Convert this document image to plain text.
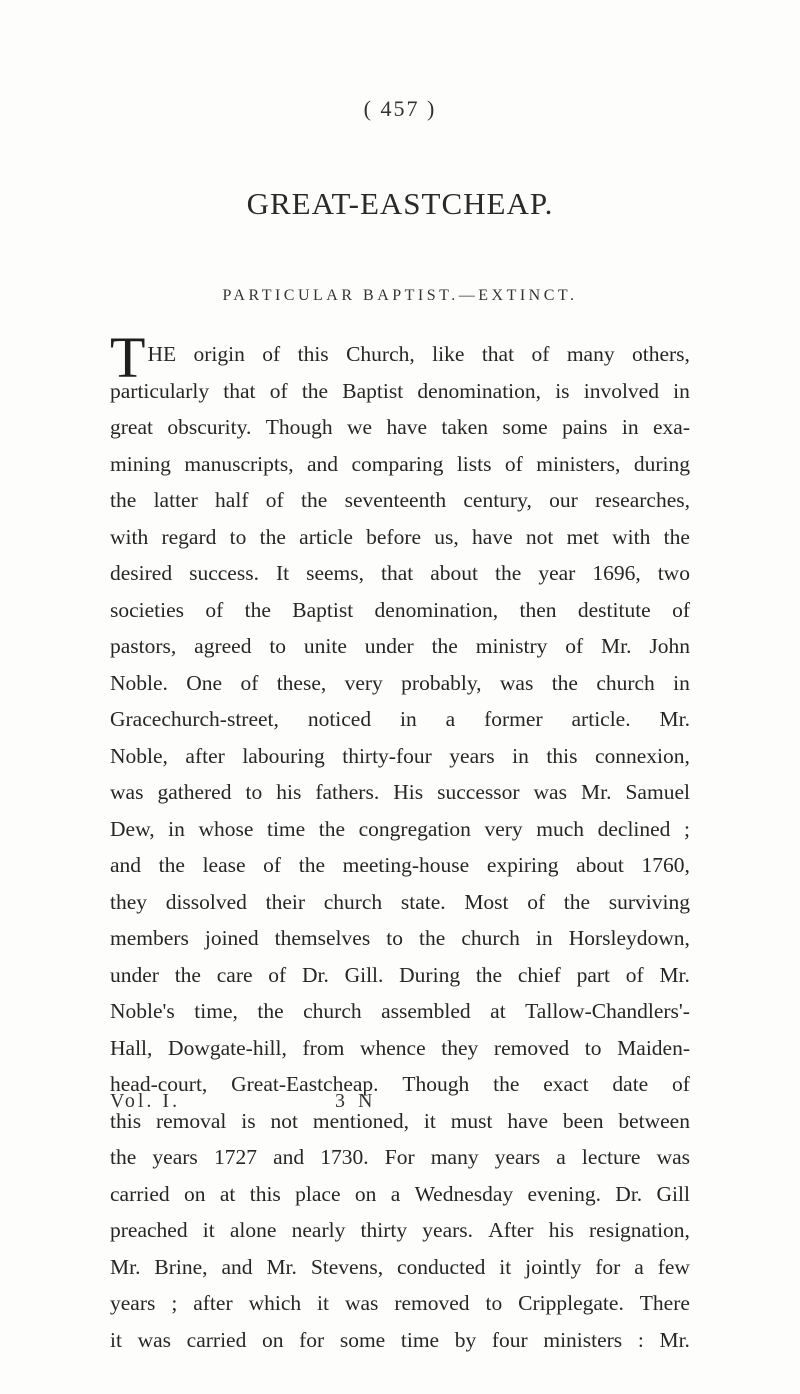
( 457 )
GREAT-EASTCHEAP.
PARTICULAR BAPTIST.—EXTINCT.
T HE origin of this Church, like that of many others,
particularly that of the Baptist denomination, is involved in
great obscurity. Though we have taken some pains in exa-
mining manuscripts, and comparing lists of ministers, during
the latter half of the seventeenth century, our researches,
with regard to the article before us, have not met with the
desired success. It seems, that about the year 1696, two
societies of the Baptist denomination, then destitute of
pastors, agreed to unite under the ministry of Mr. John
Noble. One of these, very probably, was the church in
Gracechurch-street, noticed in a former article. Mr.
Noble, after labouring thirty-four years in this connexion,
was gathered to his fathers. His successor was Mr. Samuel
Dew, in whose time the congregation very much declined ;
and the lease of the meeting-house expiring about 1760,
they dissolved their church state. Most of the surviving
members joined themselves to the church in Horsleydown,
under the care of Dr. Gill. During the chief part of Mr.
Noble's time, the church assembled at Tallow-Chandlers'-
Hall, Dowgate-hill, from whence they removed to Maiden-
head-court, Great-Eastcheap. Though the exact date of
this removal is not mentioned, it must have been between
the years 1727 and 1730. For many years a lecture was
carried on at this place on a Wednesday evening. Dr. Gill
preached it alone nearly thirty years. After his resignation,
Mr. Brine, and Mr. Stevens, conducted it jointly for a few
years ; after which it was removed to Cripplegate. There
it was carried on for some time by four ministers : Mr.
Vol. I.	3 N
